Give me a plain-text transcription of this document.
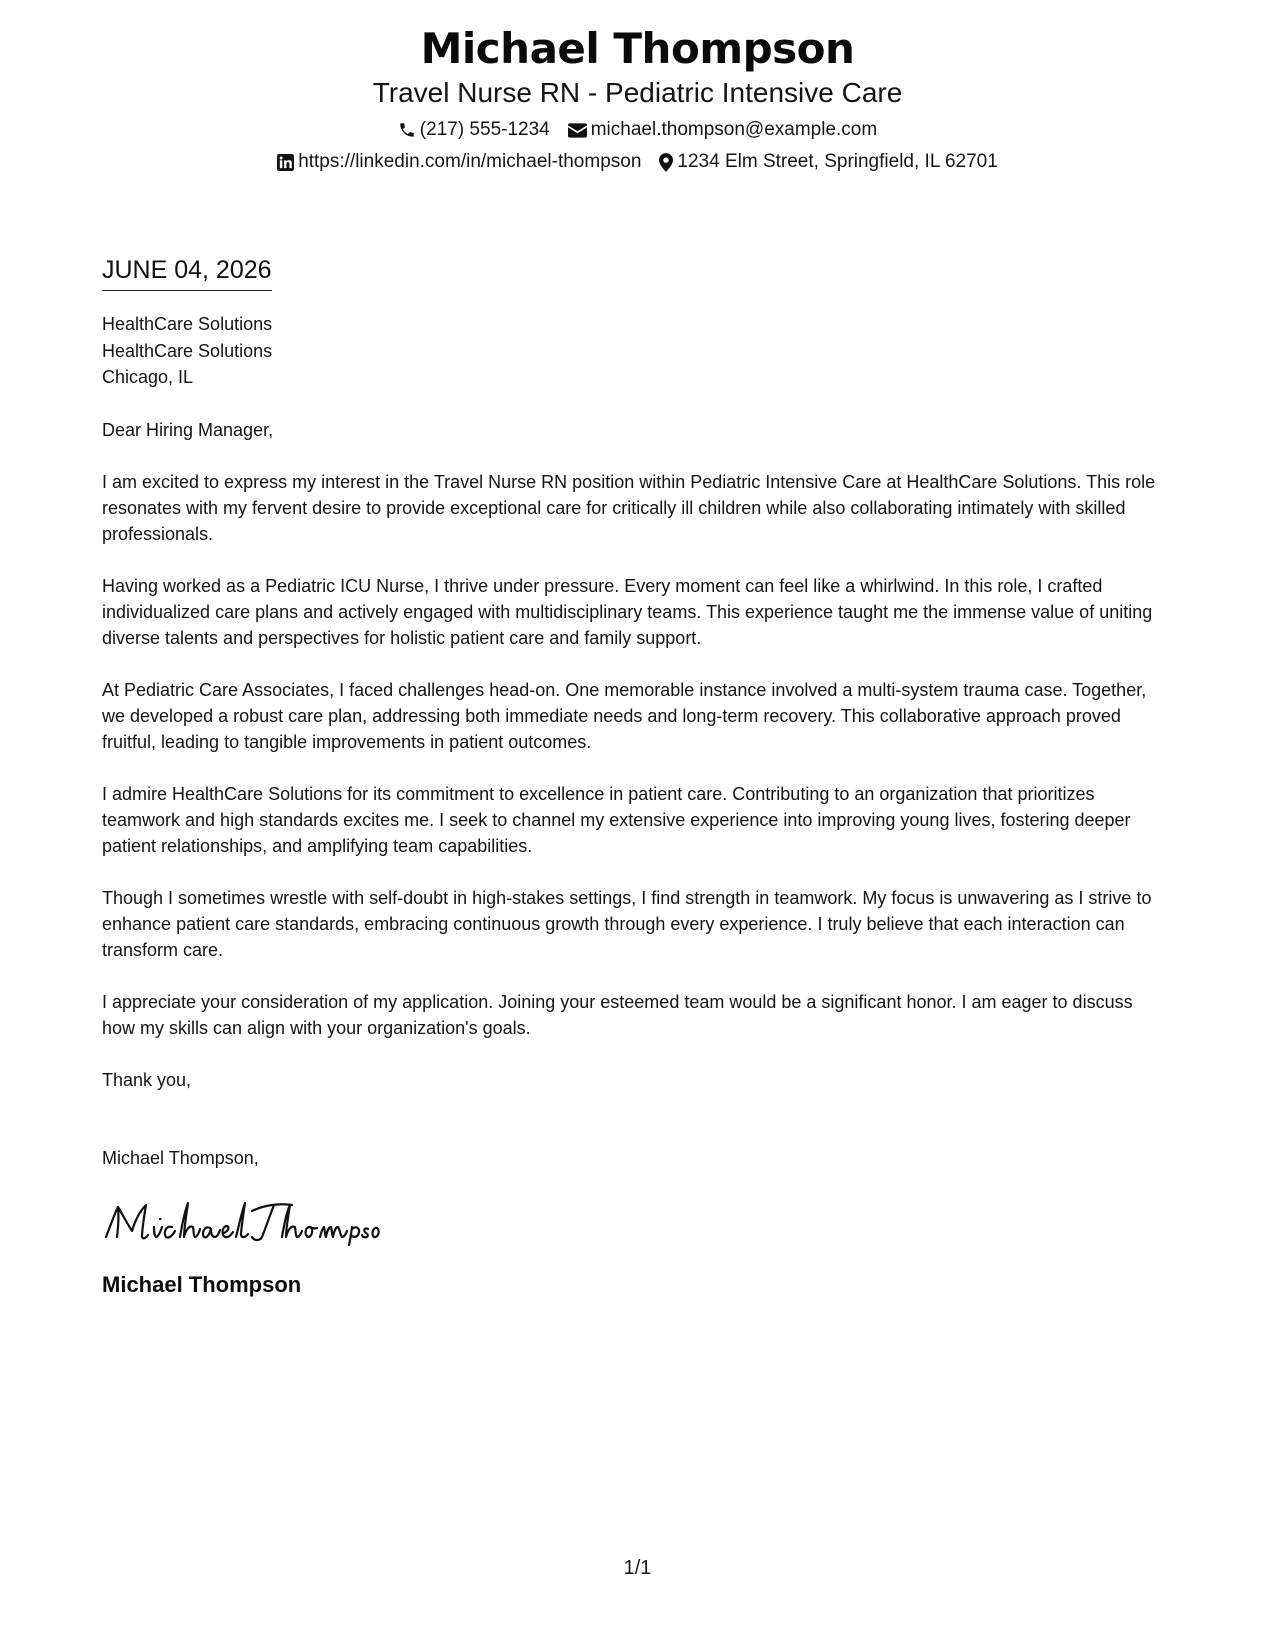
Michael Thompson
Travel Nurse RN - Pediatric Intensive Care
(217) 555-1234 michael.thompson@example.com
https://linkedin.com/in/michael-thompson 1234 Elm Street, Springfield, IL 62701
JUNE 04, 2026
HealthCare Solutions
HealthCare Solutions
Chicago, IL
Dear Hiring Manager,
I am excited to express my interest in the Travel Nurse RN position within Pediatric Intensive Care at HealthCare Solutions. This role resonates with my fervent desire to provide exceptional care for critically ill children while also collaborating intimately with skilled professionals.
Having worked as a Pediatric ICU Nurse, I thrive under pressure. Every moment can feel like a whirlwind. In this role, I crafted individualized care plans and actively engaged with multidisciplinary teams. This experience taught me the immense value of uniting diverse talents and perspectives for holistic patient care and family support.
At Pediatric Care Associates, I faced challenges head-on. One memorable instance involved a multi-system trauma case. Together, we developed a robust care plan, addressing both immediate needs and long-term recovery. This collaborative approach proved fruitful, leading to tangible improvements in patient outcomes.
I admire HealthCare Solutions for its commitment to excellence in patient care. Contributing to an organization that prioritizes teamwork and high standards excites me. I seek to channel my extensive experience into improving young lives, fostering deeper patient relationships, and amplifying team capabilities.
Though I sometimes wrestle with self-doubt in high-stakes settings, I find strength in teamwork. My focus is unwavering as I strive to enhance patient care standards, embracing continuous growth through every experience. I truly believe that each interaction can transform care.
I appreciate your consideration of my application. Joining your esteemed team would be a significant honor. I am eager to discuss how my skills can align with your organization's goals.
Thank you,
Michael Thompson,
Michael Thompson
1/1
